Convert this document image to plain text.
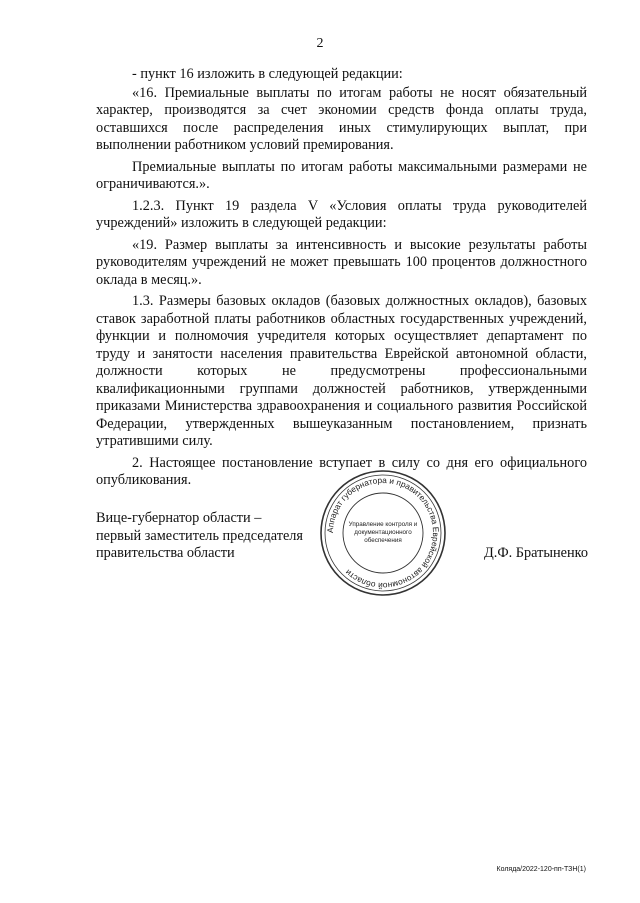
2

- пункт 16 изложить в следующей редакции:

«16. Премиальные выплаты по итогам работы не носят обязательный характер, производятся за счет экономии средств фонда оплаты труда, оставшихся после распределения иных стимулирующих выплат, при выполнении работником условий премирования.

Премиальные выплаты по итогам работы максимальными размерами не ограничиваются.».

1.2.3. Пункт 19 раздела V «Условия оплаты труда руководителей учреждений» изложить в следующей редакции:

«19. Размер выплаты за интенсивность и высокие результаты работы руководителям учреждений не может превышать 100 процентов должностного оклада в месяц.».

1.3. Размеры базовых окладов (базовых должностных окладов), базовых ставок заработной платы работников областных государственных учреждений, функции и полномочия учредителя которых осуществляет департамент по труду и занятости населения правительства Еврейской автономной области, должности которых не предусмотрены профессиональными квалификационными группами должностей работников, утвержденными приказами Министерства здравоохранения и социального развития Российской Федерации, утвержденных вышеуказанным постановлением, признать утратившими силу.

2. Настоящее постановление вступает в силу со дня его официального опубликования.

Вице-губернатор области –
первый заместитель председателя
правительства области
Аппарат губернатора и правительства Еврейской автономной области
Управление контроля и
документационного
обеспечения
Д.Ф. Братыненко
Коляда/2022-120-пп-ТЗН(1)
